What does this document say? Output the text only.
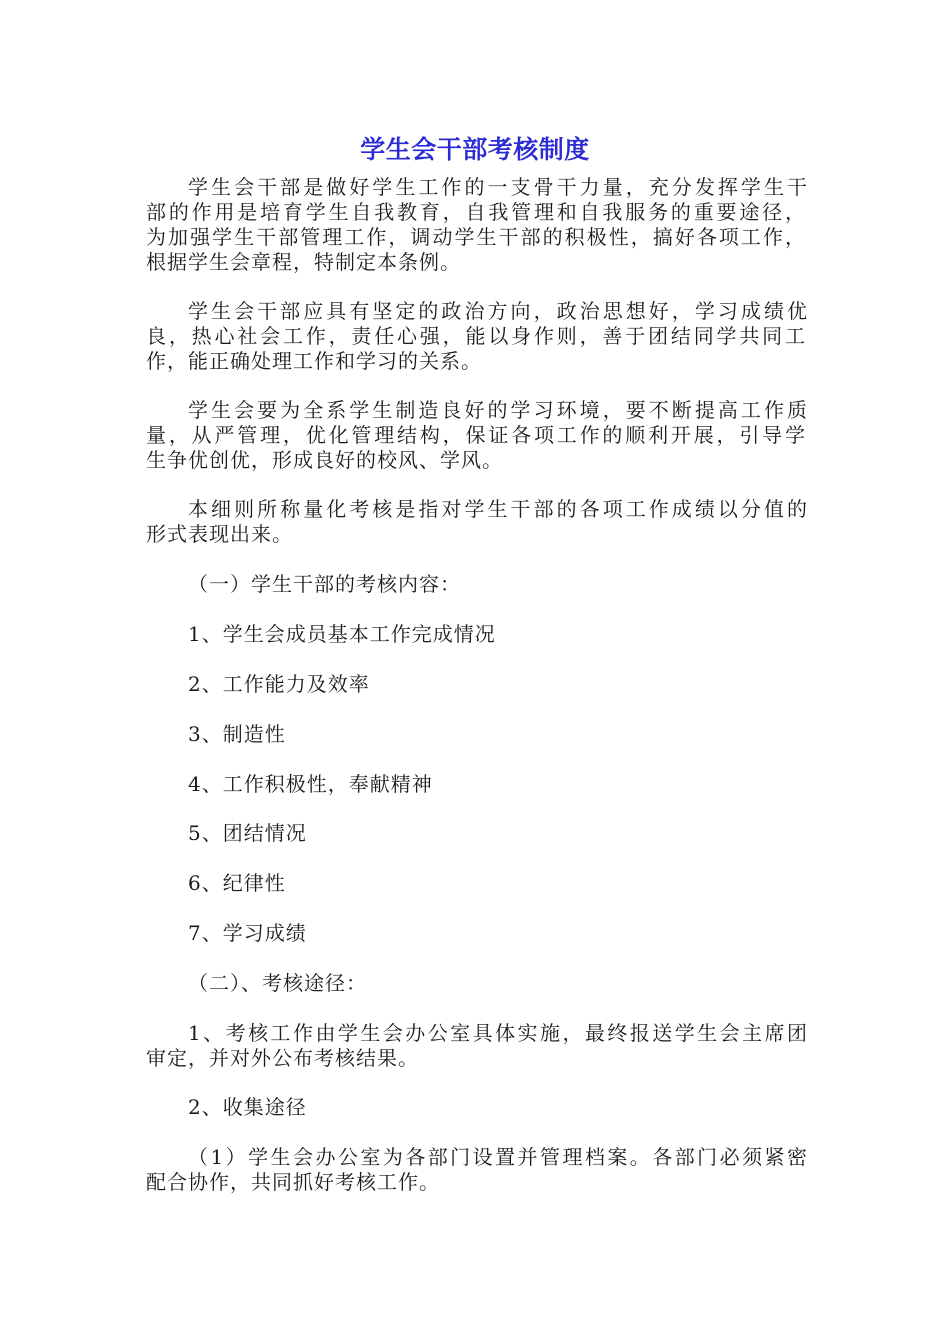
学生会干部考核制度
学生会干部是做好学生工作的一支骨干力量，充分发挥学生干
部的作用是培育学生自我教育，自我管理和自我服务的重要途径，
为加强学生干部管理工作，调动学生干部的积极性，搞好各项工作，
根据学生会章程，特制定本条例。
学生会干部应具有坚定的政治方向，政治思想好，学习成绩优
良，热心社会工作，责任心强，能以身作则，善于团结同学共同工
作，能正确处理工作和学习的关系。
学生会要为全系学生制造良好的学习环境，要不断提高工作质
量，从严管理，优化管理结构，保证各项工作的顺利开展，引导学
生争优创优，形成良好的校风、学风。
本细则所称量化考核是指对学生干部的各项工作成绩以分值的
形式表现出来。
（一）学生干部的考核内容：
1、学生会成员基本工作完成情况
2、工作能力及效率
3、制造性
4、工作积极性，奉献精神
5、团结情况
6、纪律性
7、学习成绩
（二）、考核途径：
1、考核工作由学生会办公室具体实施，最终报送学生会主席团
审定，并对外公布考核结果。
2、收集途径
（1）学生会办公室为各部门设置并管理档案。各部门必须紧密
配合协作，共同抓好考核工作。
